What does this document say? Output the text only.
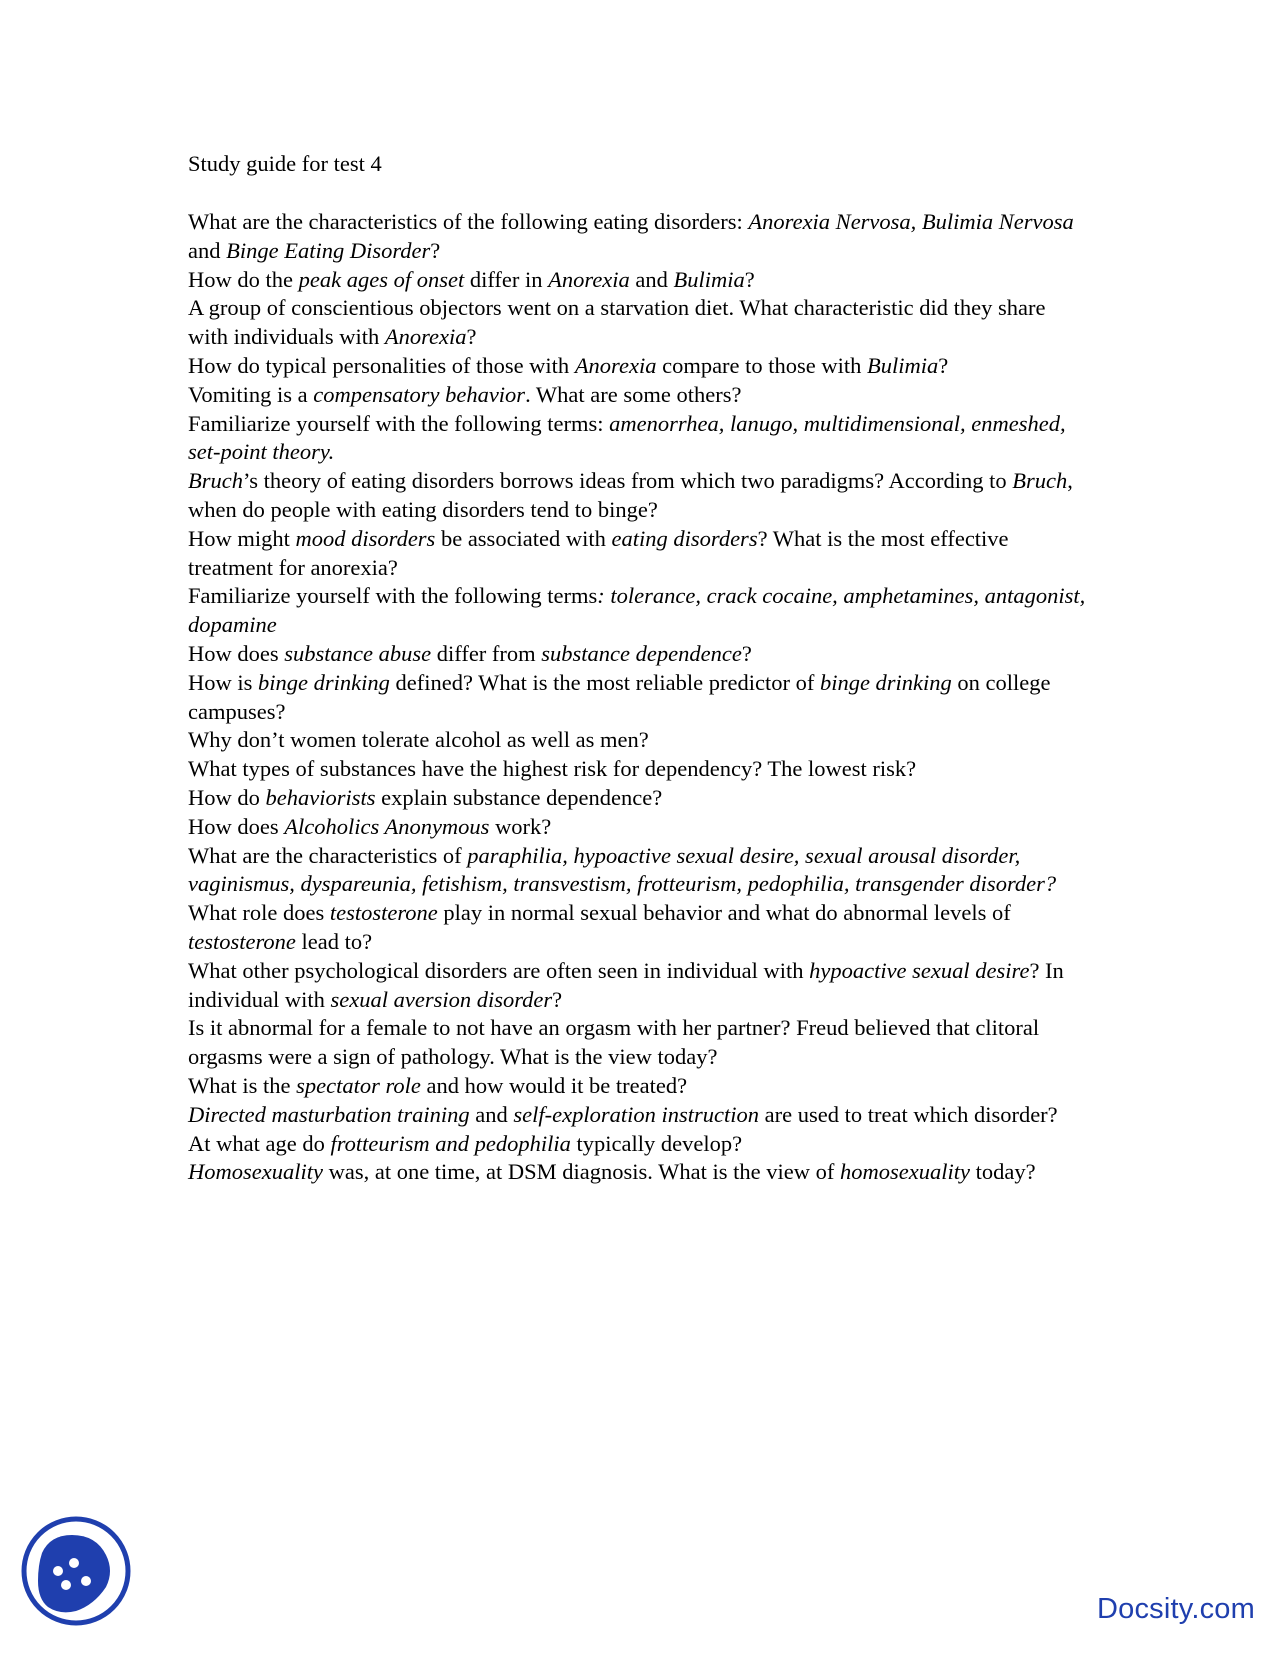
Study guide for test 4
What are the characteristics of the following eating disorders: Anorexia Nervosa, Bulimia Nervosa and Binge Eating Disorder?
How do the peak ages of onset differ in Anorexia and Bulimia?
A group of conscientious objectors went on a starvation diet. What characteristic did they share with individuals with Anorexia?
How do typical personalities of those with Anorexia compare to those with Bulimia?
Vomiting is a compensatory behavior. What are some others?
Familiarize yourself with the following terms: amenorrhea, lanugo, multidimensional, enmeshed, set-point theory.
Bruch’s theory of eating disorders borrows ideas from which two paradigms? According to Bruch, when do people with eating disorders tend to binge?
How might mood disorders be associated with eating disorders? What is the most effective treatment for anorexia?
Familiarize yourself with the following terms: tolerance, crack cocaine, amphetamines, antagonist, dopamine
How does substance abuse differ from substance dependence?
How is binge drinking defined? What is the most reliable predictor of binge drinking on college campuses?
Why don’t women tolerate alcohol as well as men?
What types of substances have the highest risk for dependency? The lowest risk?
How do behaviorists explain substance dependence?
How does Alcoholics Anonymous work?
What are the characteristics of paraphilia, hypoactive sexual desire, sexual arousal disorder, vaginismus, dyspareunia, fetishism, transvestism, frotteurism, pedophilia, transgender disorder?
What role does testosterone play in normal sexual behavior and what do abnormal levels of testosterone lead to?
What other psychological disorders are often seen in individual with hypoactive sexual desire? In individual with sexual aversion disorder?
Is it abnormal for a female to not have an orgasm with her partner? Freud believed that clitoral orgasms were a sign of pathology. What is the view today?
What is the spectator role and how would it be treated?
Directed masturbation training and self-exploration instruction are used to treat which disorder?
At what age do frotteurism and pedophilia typically develop?
Homosexuality was, at one time, at DSM diagnosis. What is the view of homosexuality today?
Docsity.com
